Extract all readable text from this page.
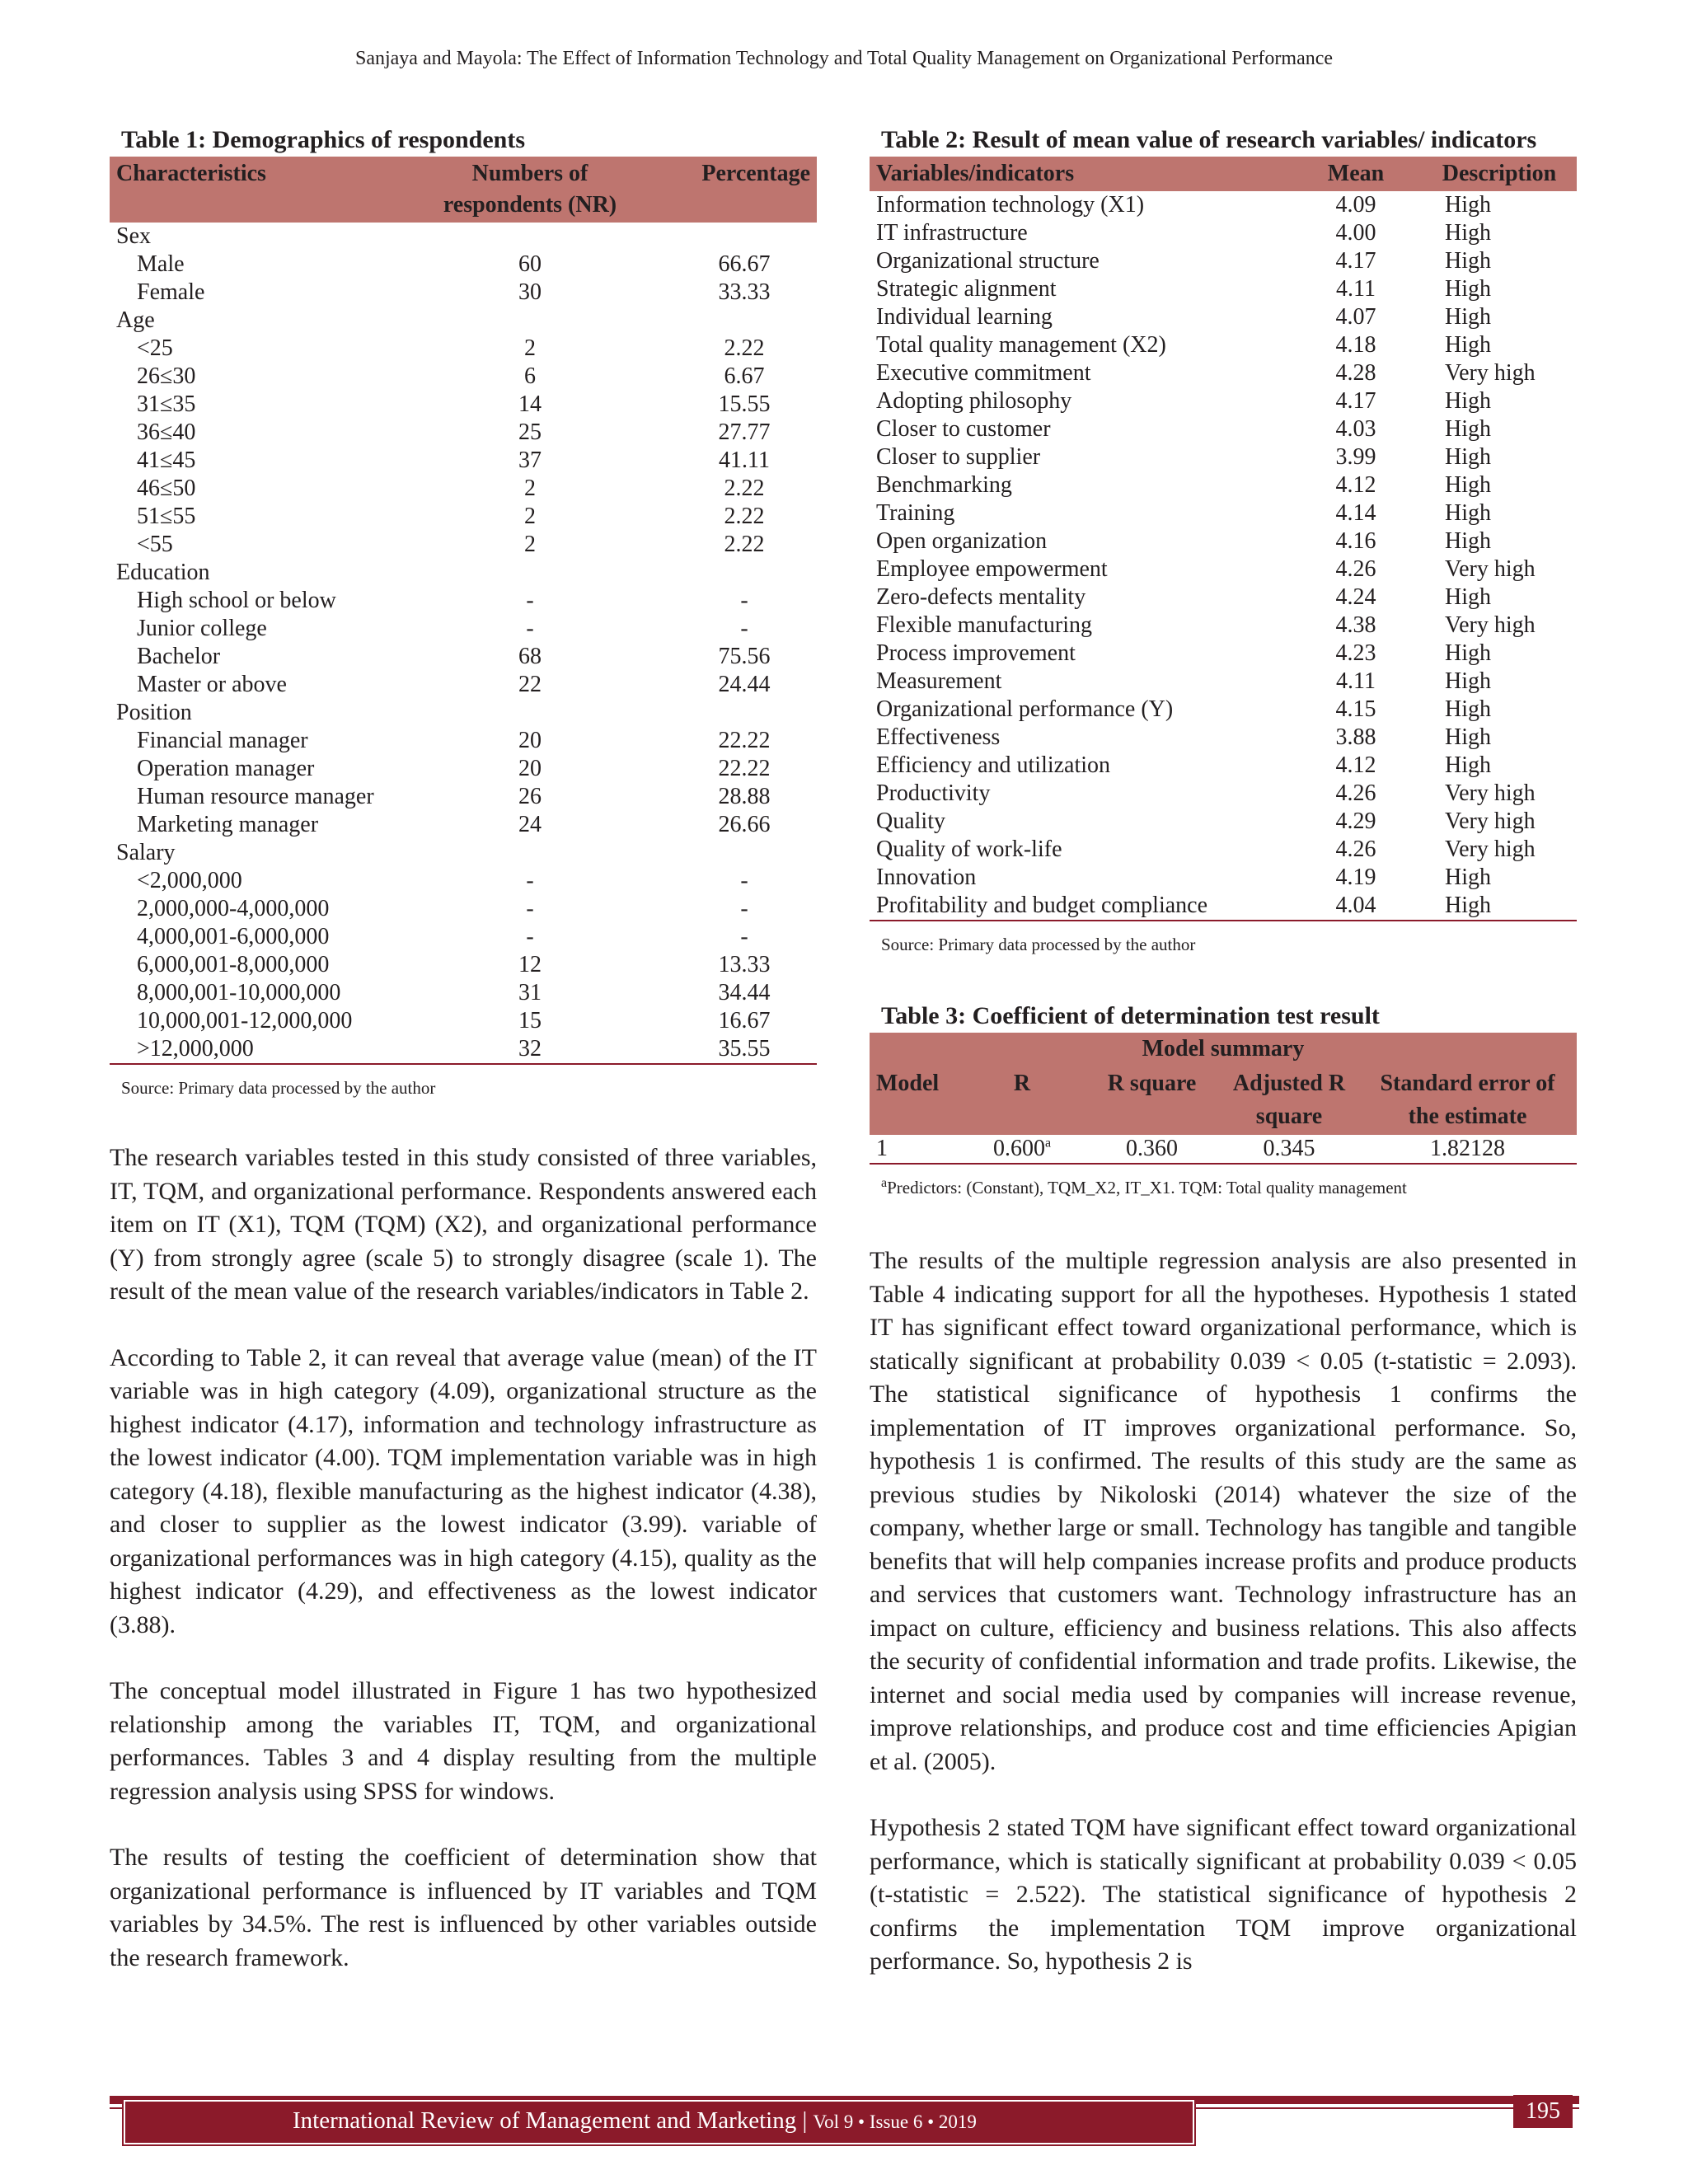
Sanjaya and Mayola: The Effect of Information Technology and Total Quality Management on Organizational Performance
Table 1: Demographics of respondents
Characteristics	Numbers of respondents (NR)	Percentage
Sex		
Male	60	66.67
Female	30	33.33
Age		
<25	2	2.22
26≤30	6	6.67
31≤35	14	15.55
36≤40	25	27.77
41≤45	37	41.11
46≤50	2	2.22
51≤55	2	2.22
<55	2	2.22
Education		
High school or below	-	-
Junior college	-	-
Bachelor	68	75.56
Master or above	22	24.44
Position		
Financial manager	20	22.22
Operation manager	20	22.22
Human resource manager	26	28.88
Marketing manager	24	26.66
Salary		
<2,000,000	-	-
2,000,000-4,000,000	-	-
4,000,001-6,000,000	-	-
6,000,001-8,000,000	12	13.33
8,000,001-10,000,000	31	34.44
10,000,001-12,000,000	15	16.67
>12,000,000	32	35.55
Source: Primary data processed by the author

The research variables tested in this study consisted of three variables, IT, TQM, and organizational performance. Respondents answered each item on IT (X1), TQM (TQM) (X2), and organizational performance (Y) from strongly agree (scale 5) to strongly disagree (scale 1). The result of the mean value of the research variables/indicators in Table 2.

According to Table 2, it can reveal that average value (mean) of the IT variable was in high category (4.09), organizational structure as the highest indicator (4.17), information and technology infrastructure as the lowest indicator (4.00). TQM implementation variable was in high category (4.18), flexible manufacturing as the highest indicator (4.38), and closer to supplier as the lowest indicator (3.99). variable of organizational performances was in high category (4.15), quality as the highest indicator (4.29), and effectiveness as the lowest indicator (3.88).

The conceptual model illustrated in Figure 1 has two hypothesized relationship among the variables IT, TQM, and organizational performances. Tables 3 and 4 display resulting from the multiple regression analysis using SPSS for windows.

The results of testing the coefficient of determination show that organizational performance is influenced by IT variables and TQM variables by 34.5%. The rest is influenced by other variables outside the research framework.

Table 2: Result of mean value of research variables/ indicators
Variables/indicators	Mean	Description
Information technology (X1)	4.09	High
IT infrastructure	4.00	High
Organizational structure	4.17	High
Strategic alignment	4.11	High
Individual learning	4.07	High
Total quality management (X2)	4.18	High
Executive commitment	4.28	Very high
Adopting philosophy	4.17	High
Closer to customer	4.03	High
Closer to supplier	3.99	High
Benchmarking	4.12	High
Training	4.14	High
Open organization	4.16	High
Employee empowerment	4.26	Very high
Zero-defects mentality	4.24	High
Flexible manufacturing	4.38	Very high
Process improvement	4.23	High
Measurement	4.11	High
Organizational performance (Y)	4.15	High
Effectiveness	3.88	High
Efficiency and utilization	4.12	High
Productivity	4.26	Very high
Quality	4.29	Very high
Quality of work-life	4.26	Very high
Innovation	4.19	High
Profitability and budget compliance	4.04	High
Source: Primary data processed by the author
Table 3: Coefficient of determination test result
Model summary				
Model	R	R square	Adjusted R square	Standard error of the estimate
1	0.600$^a$	0.360	0.345	1.82128
$^a$Predictors: (Constant), TQM_X2, IT_X1. TQM: Total quality management

The results of the multiple regression analysis are also presented in Table 4 indicating support for all the hypotheses. Hypothesis 1 stated IT has significant effect toward organizational performance, which is statically significant at probability 0.039 < 0.05 (t-statistic = 2.093). The statistical significance of hypothesis 1 confirms the implementation of IT improves organizational performance. So, hypothesis 1 is confirmed. The results of this study are the same as previous studies by Nikoloski (2014) whatever the size of the company, whether large or small. Technology has tangible and tangible benefits that will help companies increase profits and produce products and services that customers want. Technology infrastructure has an impact on culture, efficiency and business relations. This also affects the security of confidential information and trade profits. Likewise, the internet and social media used by companies will increase revenue, improve relationships, and produce cost and time efficiencies Apigian et al. (2005).

Hypothesis 2 stated TQM have significant effect toward organizational performance, which is statically significant at probability 0.039 < 0.05 (t-statistic = 2.522). The statistical significance of hypothesis 2 confirms the implementation TQM improve organizational performance. So, hypothesis 2 is

International Review of Management and Marketing | Vol 9 • Issue 6 • 2019	195
